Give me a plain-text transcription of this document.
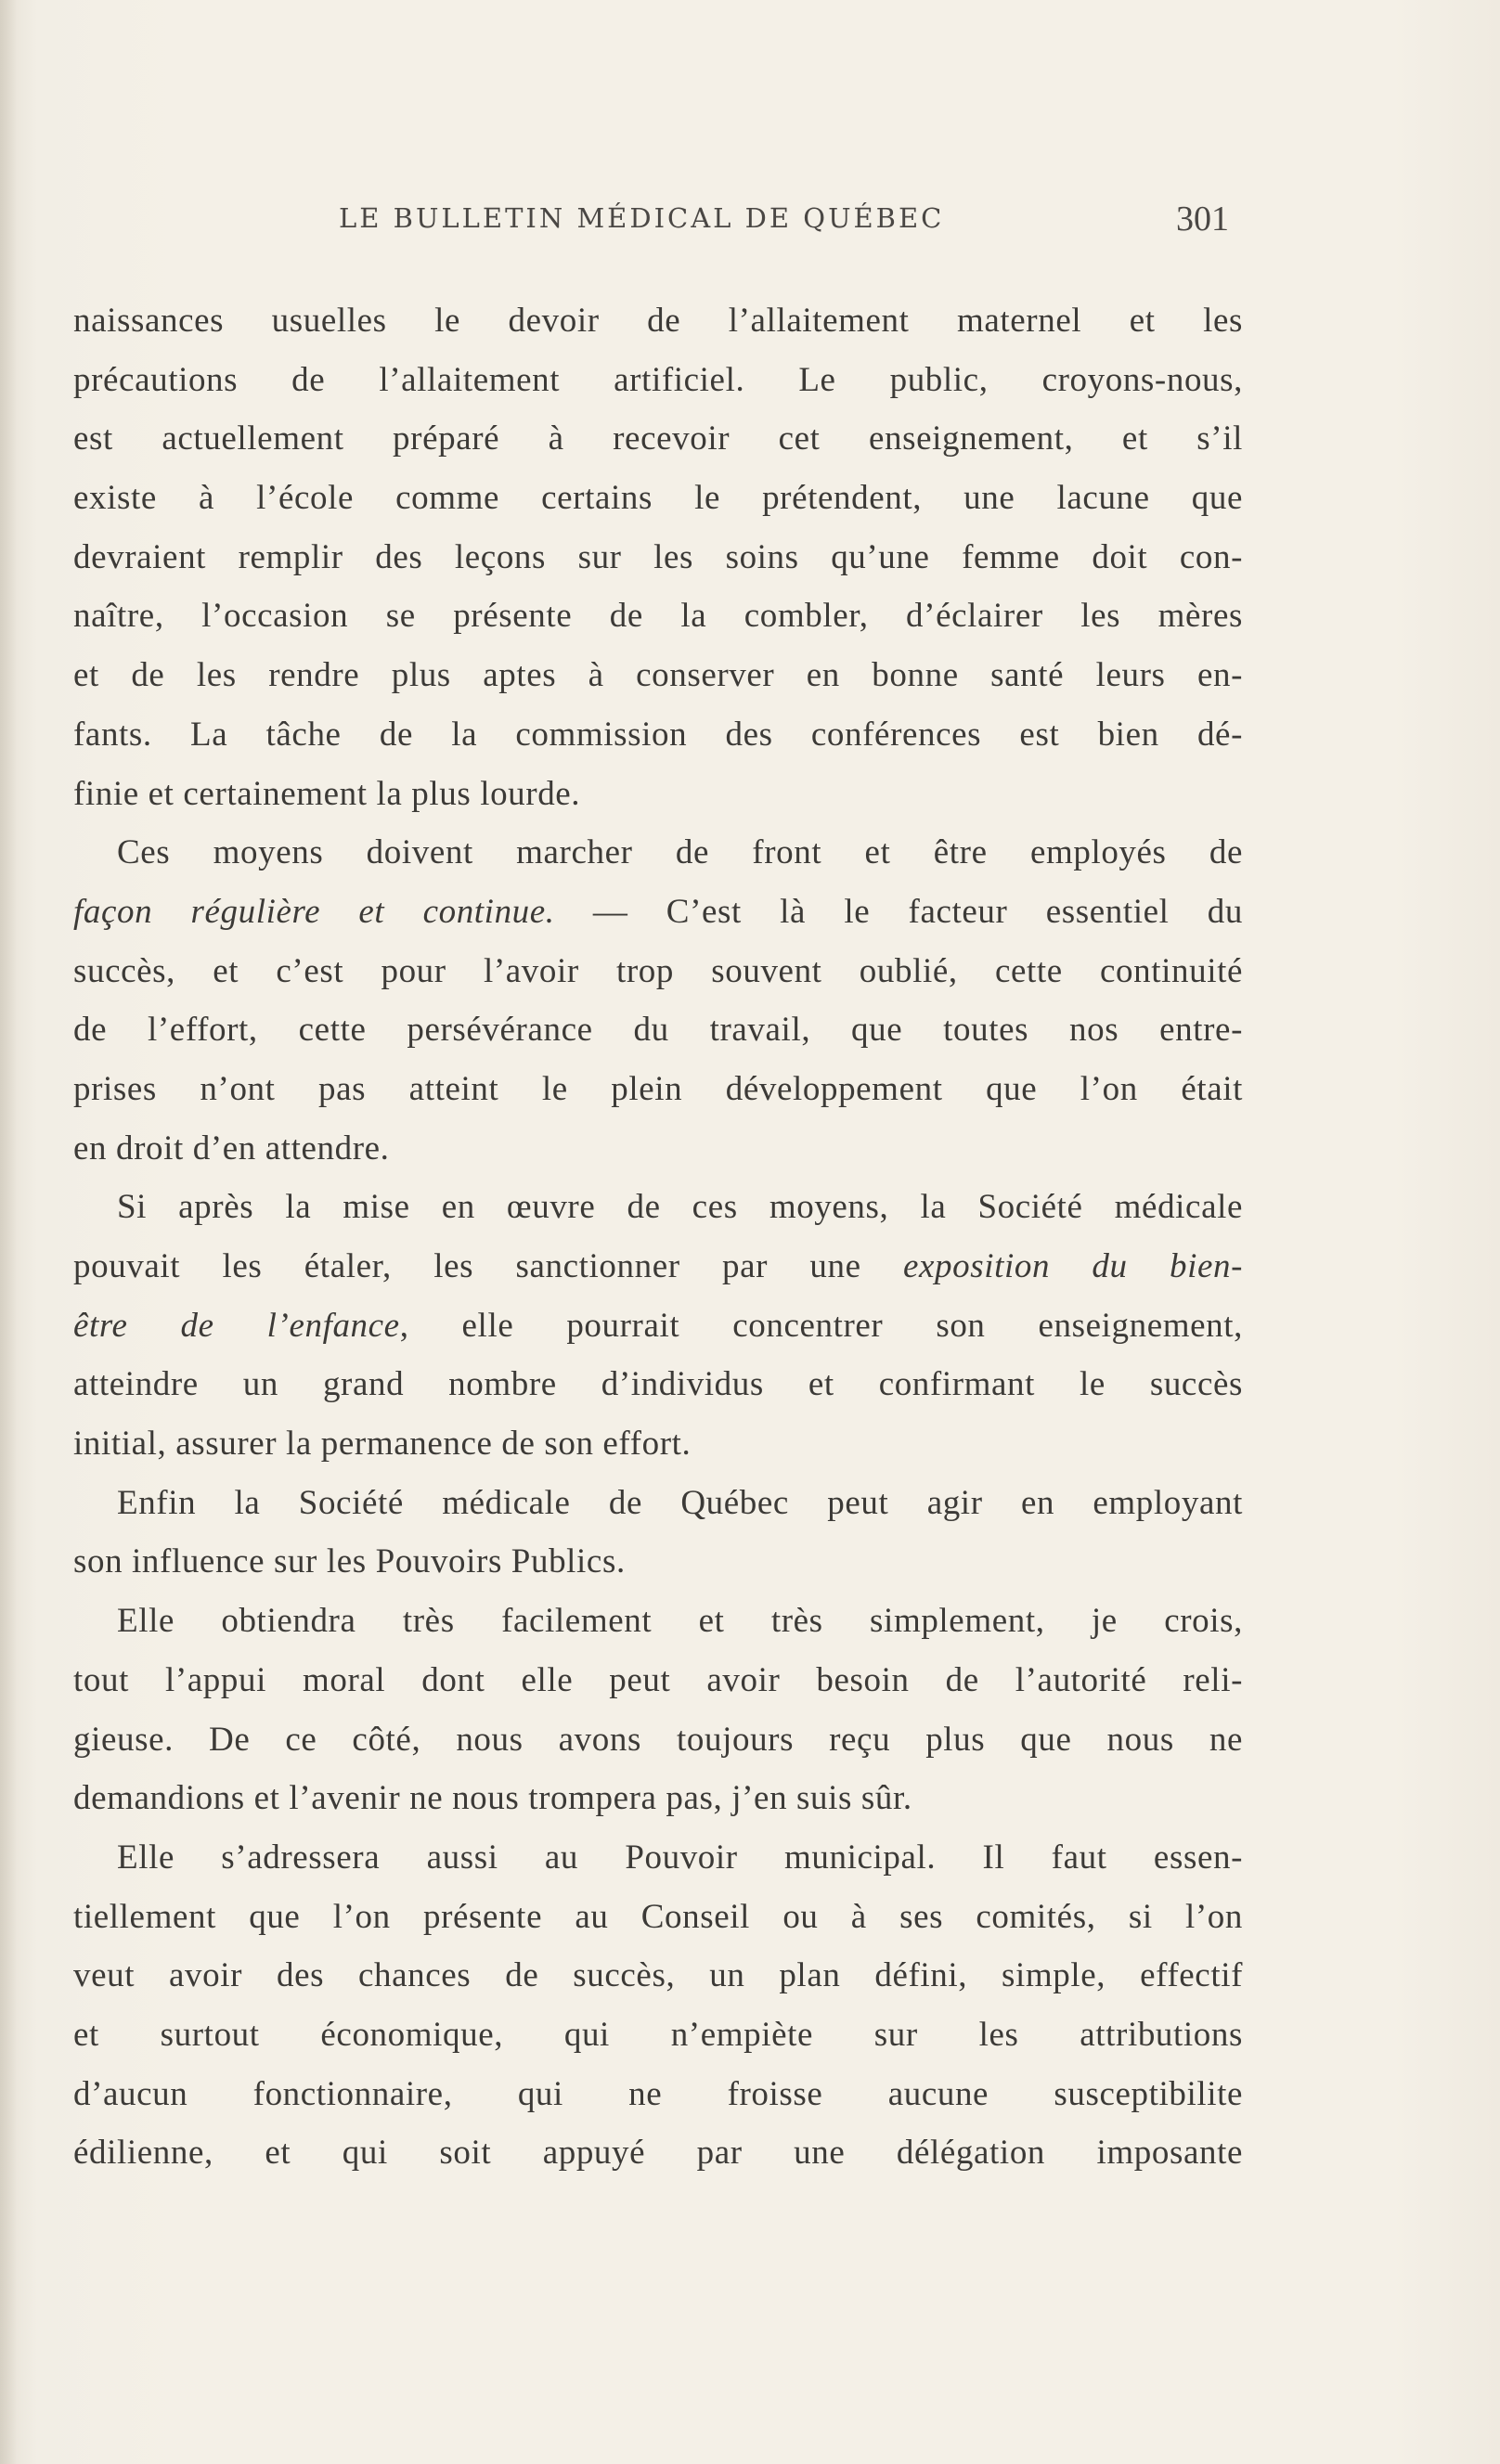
LE BULLETIN MÉDICAL DE QUÉBEC	301
naissances usuelles le devoir de l’allaitement maternel et les
précautions de l’allaitement artificiel. Le public, croyons-nous,
est actuellement préparé à recevoir cet enseignement, et s’il
existe à l’école comme certains le prétendent, une lacune que
devraient remplir des leçons sur les soins qu’une femme doit con-
naître, l’occasion se présente de la combler, d’éclairer les mères
et de les rendre plus aptes à conserver en bonne santé leurs en-
fants. La tâche de la commission des conférences est bien dé-
finie et certainement la plus lourde.
Ces moyens doivent marcher de front et être employés de
façon régulière et continue. — C’est là le facteur essentiel du
succès, et c’est pour l’avoir trop souvent oublié, cette continuité
de l’effort, cette persévérance du travail, que toutes nos entre-
prises n’ont pas atteint le plein développement que l’on était
en droit d’en attendre.
Si après la mise en œuvre de ces moyens, la Société médicale
pouvait les étaler, les sanctionner par une exposition du bien-
être de l’enfance, elle pourrait concentrer son enseignement,
atteindre un grand nombre d’individus et confirmant le succès
initial, assurer la permanence de son effort.
Enfin la Société médicale de Québec peut agir en employant
son influence sur les Pouvoirs Publics.
Elle obtiendra très facilement et très simplement, je crois,
tout l’appui moral dont elle peut avoir besoin de l’autorité reli-
gieuse. De ce côté, nous avons toujours reçu plus que nous ne
demandions et l’avenir ne nous trompera pas, j’en suis sûr.
Elle s’adressera aussi au Pouvoir municipal. Il faut essen-
tiellement que l’on présente au Conseil ou à ses comités, si l’on
veut avoir des chances de succès, un plan défini, simple, effectif
et surtout économique, qui n’empiète sur les attributions
d’aucun fonctionnaire, qui ne froisse aucune susceptibilite
édilienne, et qui soit appuyé par une délégation imposante
